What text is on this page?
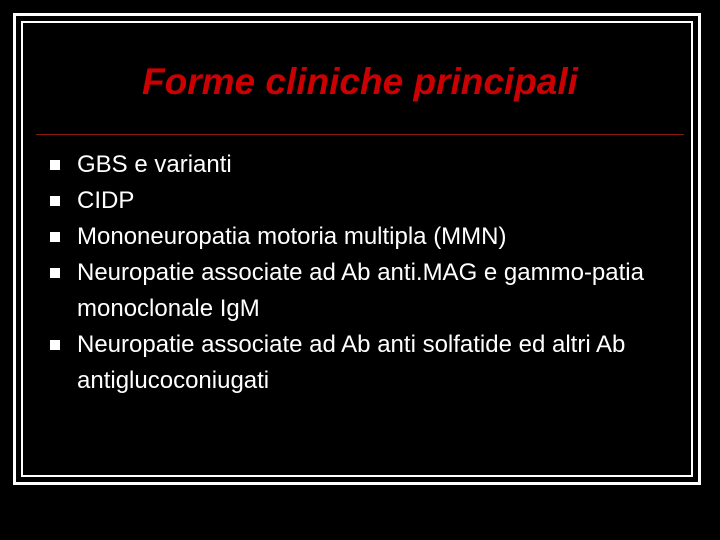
Forme cliniche principali
GBS e varianti
CIDP
Mononeuropatia motoria multipla (MMN)
Neuropatie associate ad Ab anti.MAG e gammo-patia monoclonale IgM
Neuropatie associate ad Ab anti solfatide ed altri Ab antiglucoconiugati
